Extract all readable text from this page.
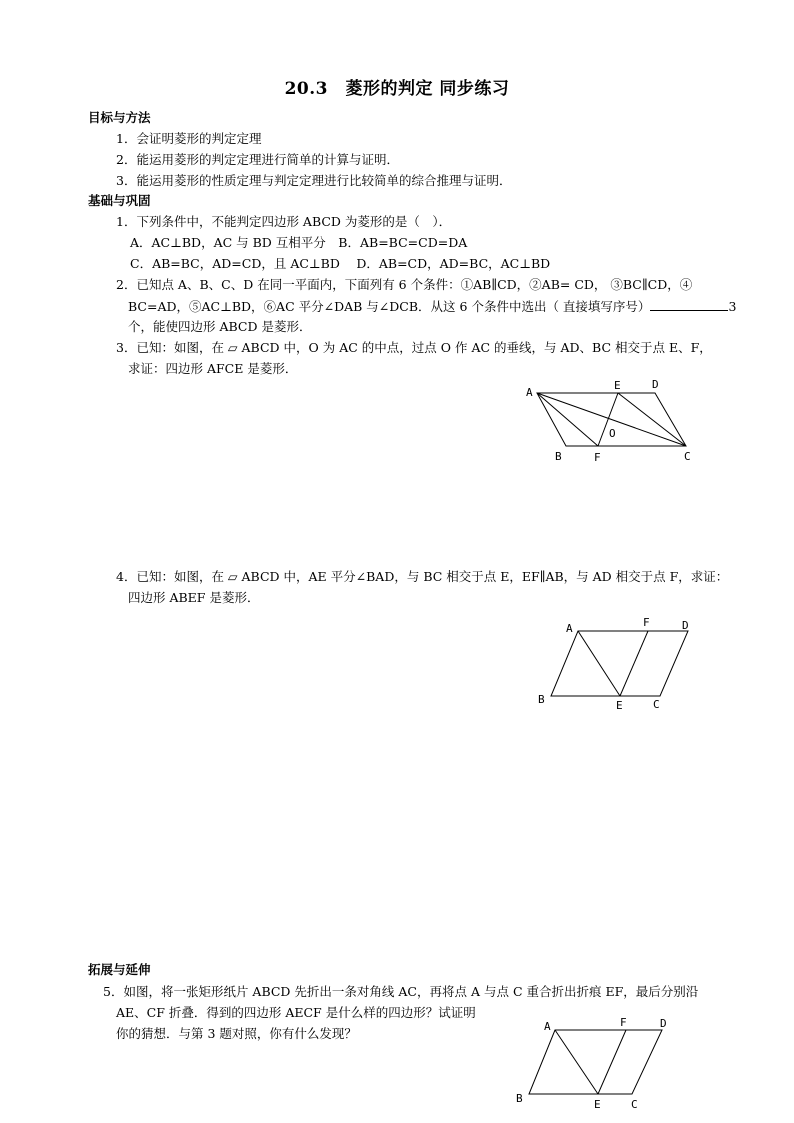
20.3　菱形的判定 同步练习
目标与方法
1．会证明菱形的判定定理
2．能运用菱形的判定定理进行简单的计算与证明．
3．能运用菱形的性质定理与判定定理进行比较简单的综合推理与证明．
基础与巩固
1．下列条件中，不能判定四边形 ABCD 为菱形的是（　）．
A．AC⊥BD，AC 与 BD 互相平分　B．AB=BC=CD=DA
C．AB=BC，AD=CD，且 AC⊥BD　 D．AB=CD，AD=BC，AC⊥BD
2．已知点 A、B、C、D 在同一平面内，下面列有 6 个条件：①AB∥CD，②AB= CD， ③BC∥CD，④
BC=AD，⑤AC⊥BD，⑥AC 平分∠DAB 与∠DCB．从这 6 个条件中选出（ 直接填写序号）	3
个，能使四边形 ABCD 是菱形．
3．已知：如图，在 ▱ ABCD 中，O 为 AC 的中点，过点 O 作 AC 的垂线，与 AD、BC 相交于点 E、F，
求证：四边形 AFCE 是菱形．
A
B	C
D
E
F
O
4．已知：如图，在 ▱ ABCD 中，AE 平分∠BAD，与 BC 相交于点 E，EF∥AB，与 AD 相交于点 F，求证：
四边形 ABEF 是菱形．
A
B	C
D
E
F
拓展与延伸
5．如图，将一张矩形纸片 ABCD 先折出一条对角线 AC，再将点 A 与点 C 重合折出折痕 EF，最后分别沿
AE、CF 折叠．得到的四边形 AECF 是什么样的四边形？试证明
你的猜想．与第 3 题对照，你有什么发现？	A
B	C
D
E
F
